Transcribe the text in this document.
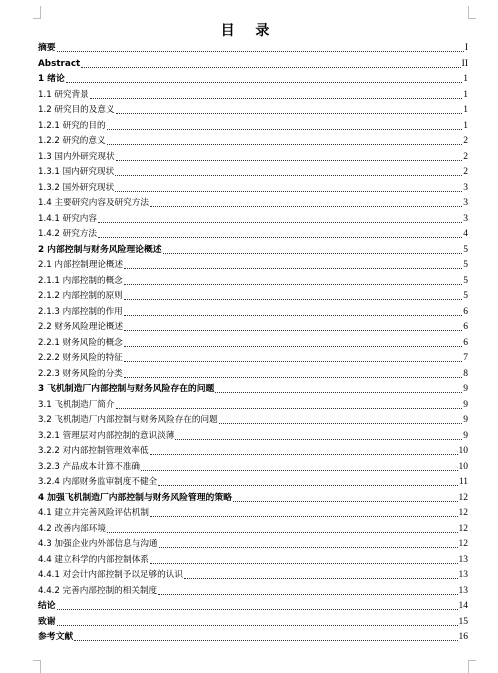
目 录
摘要	I
Abstract	II
1 绪论	1
1.1 研究背景	1
1.2 研究目的及意义	1
1.2.1 研究的目的	1
1.2.2 研究的意义	2
1.3 国内外研究现状	2
1.3.1 国内研究现状	2
1.3.2 国外研究现状	3
1.4 主要研究内容及研究方法	3
1.4.1 研究内容	3
1.4.2 研究方法	4
2 内部控制与财务风险理论概述	5
2.1 内部控制理论概述	5
2.1.1 内部控制的概念	5
2.1.2 内部控制的原则	5
2.1.3 内部控制的作用	6
2.2 财务风险理论概述	6
2.2.1 财务风险的概念	6
2.2.2 财务风险的特征	7
2.2.3 财务风险的分类	8
3 飞机制造厂内部控制与财务风险存在的问题	9
3.1 飞机制造厂简介	9
3.2 飞机制造厂内部控制与财务风险存在的问题	9
3.2.1 管理层对内部控制的意识淡薄	9
3.2.2 对内部控制管理效率低	10
3.2.3 产品成本计算不准确	10
3.2.4 内部财务监审制度不健全	11
4 加强飞机制造厂内部控制与财务风险管理的策略	12
4.1 建立并完善风险评估机制	12
4.2 改善内部环境	12
4.3 加强企业内外部信息与沟通	12
4.4 建立科学的内部控制体系	13
4.4.1 对会计内部控制予以足够的认识	13
4.4.2 完善内部控制的相关制度	13
结论	14
致谢	15
参考文献	16
